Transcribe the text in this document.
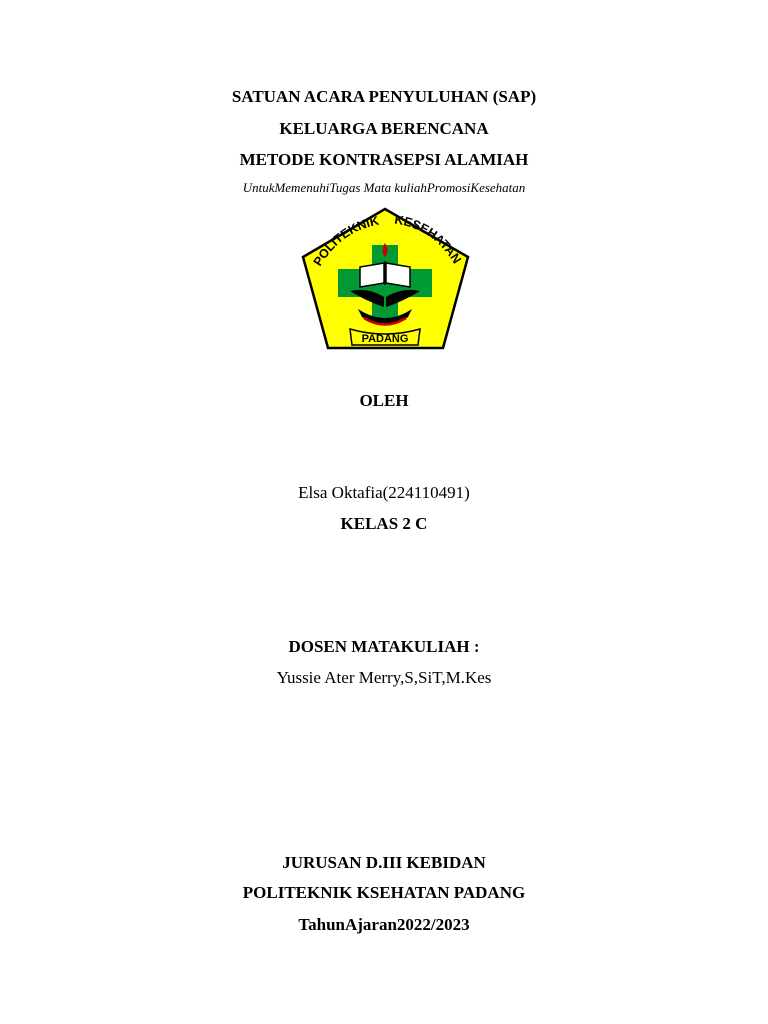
SATUAN ACARA PENYULUHAN (SAP)
KELUARGA BERENCANA
METODE KONTRASEPSI ALAMIAH
UntukMemenuhiTugas Mata kuliahPromosiKesehatan
POLITEKNIK KESEHATAN
PADANG
OLEH
Elsa Oktafia(224110491)
KELAS 2 C
DOSEN MATAKULIAH :
Yussie Ater Merry,S,SiT,M.Kes
JURUSAN D.III KEBIDAN
POLITEKNIK KSEHATAN PADANG
TahunAjaran2022/2023
